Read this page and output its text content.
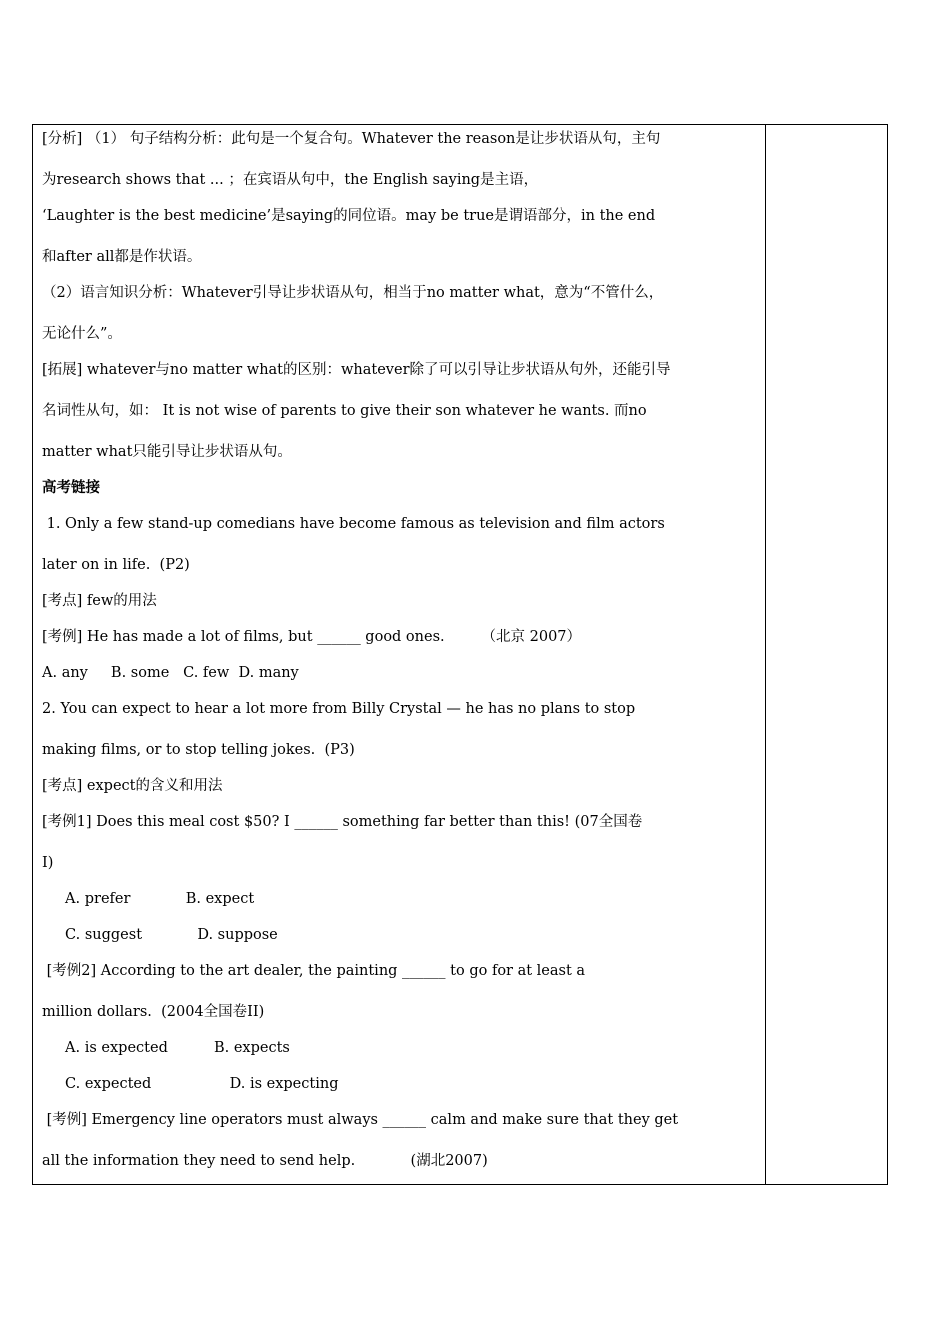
[分析] （1） 句子结构分析：此句是一个复合句。Whatever the reason是让步状语从句，主句
为research shows that ... ；在宾语从句中，the English saying是主语，
‘Laughter is the best medicine’是saying的同位语。may be true是谓语部分，in the end
和after all都是作状语。
（2）语言知识分析：Whatever引导让步状语从句，相当于no matter what，意为“不管什么，
无论什么”。
[拓展] whatever与no matter what的区别：whatever除了可以引导让步状语从句外，还能引导
名词性从句，如： It is not wise of parents to give their son whatever he wants. 而no
matter what只能引导让步状语从句。
高考链接
1. Only a few stand-up comedians have become famous as television and film actors
later on in life.  (P2)
[考点] few的用法
[考例] He has made a lot of films, but ______ good ones.        （北京 2007）
A. any     B. some   C. few  D. many
2. You can expect to hear a lot more from Billy Crystal — he has no plans to stop
making films, or to stop telling jokes.  (P3)
[考点] expect的含义和用法
[考例1] Does this meal cost $50? I ______ something far better than this! (07全国卷
I)
A. prefer            B. expect
C. suggest            D. suppose
[考例2] According to the art dealer, the painting ______ to go for at least a
million dollars.  (2004全国卷II)
A. is expected          B. expects
C. expected                 D. is expecting
[考例] Emergency line operators must always ______ calm and make sure that they get
all the information they need to send help.            (湖北2007)
